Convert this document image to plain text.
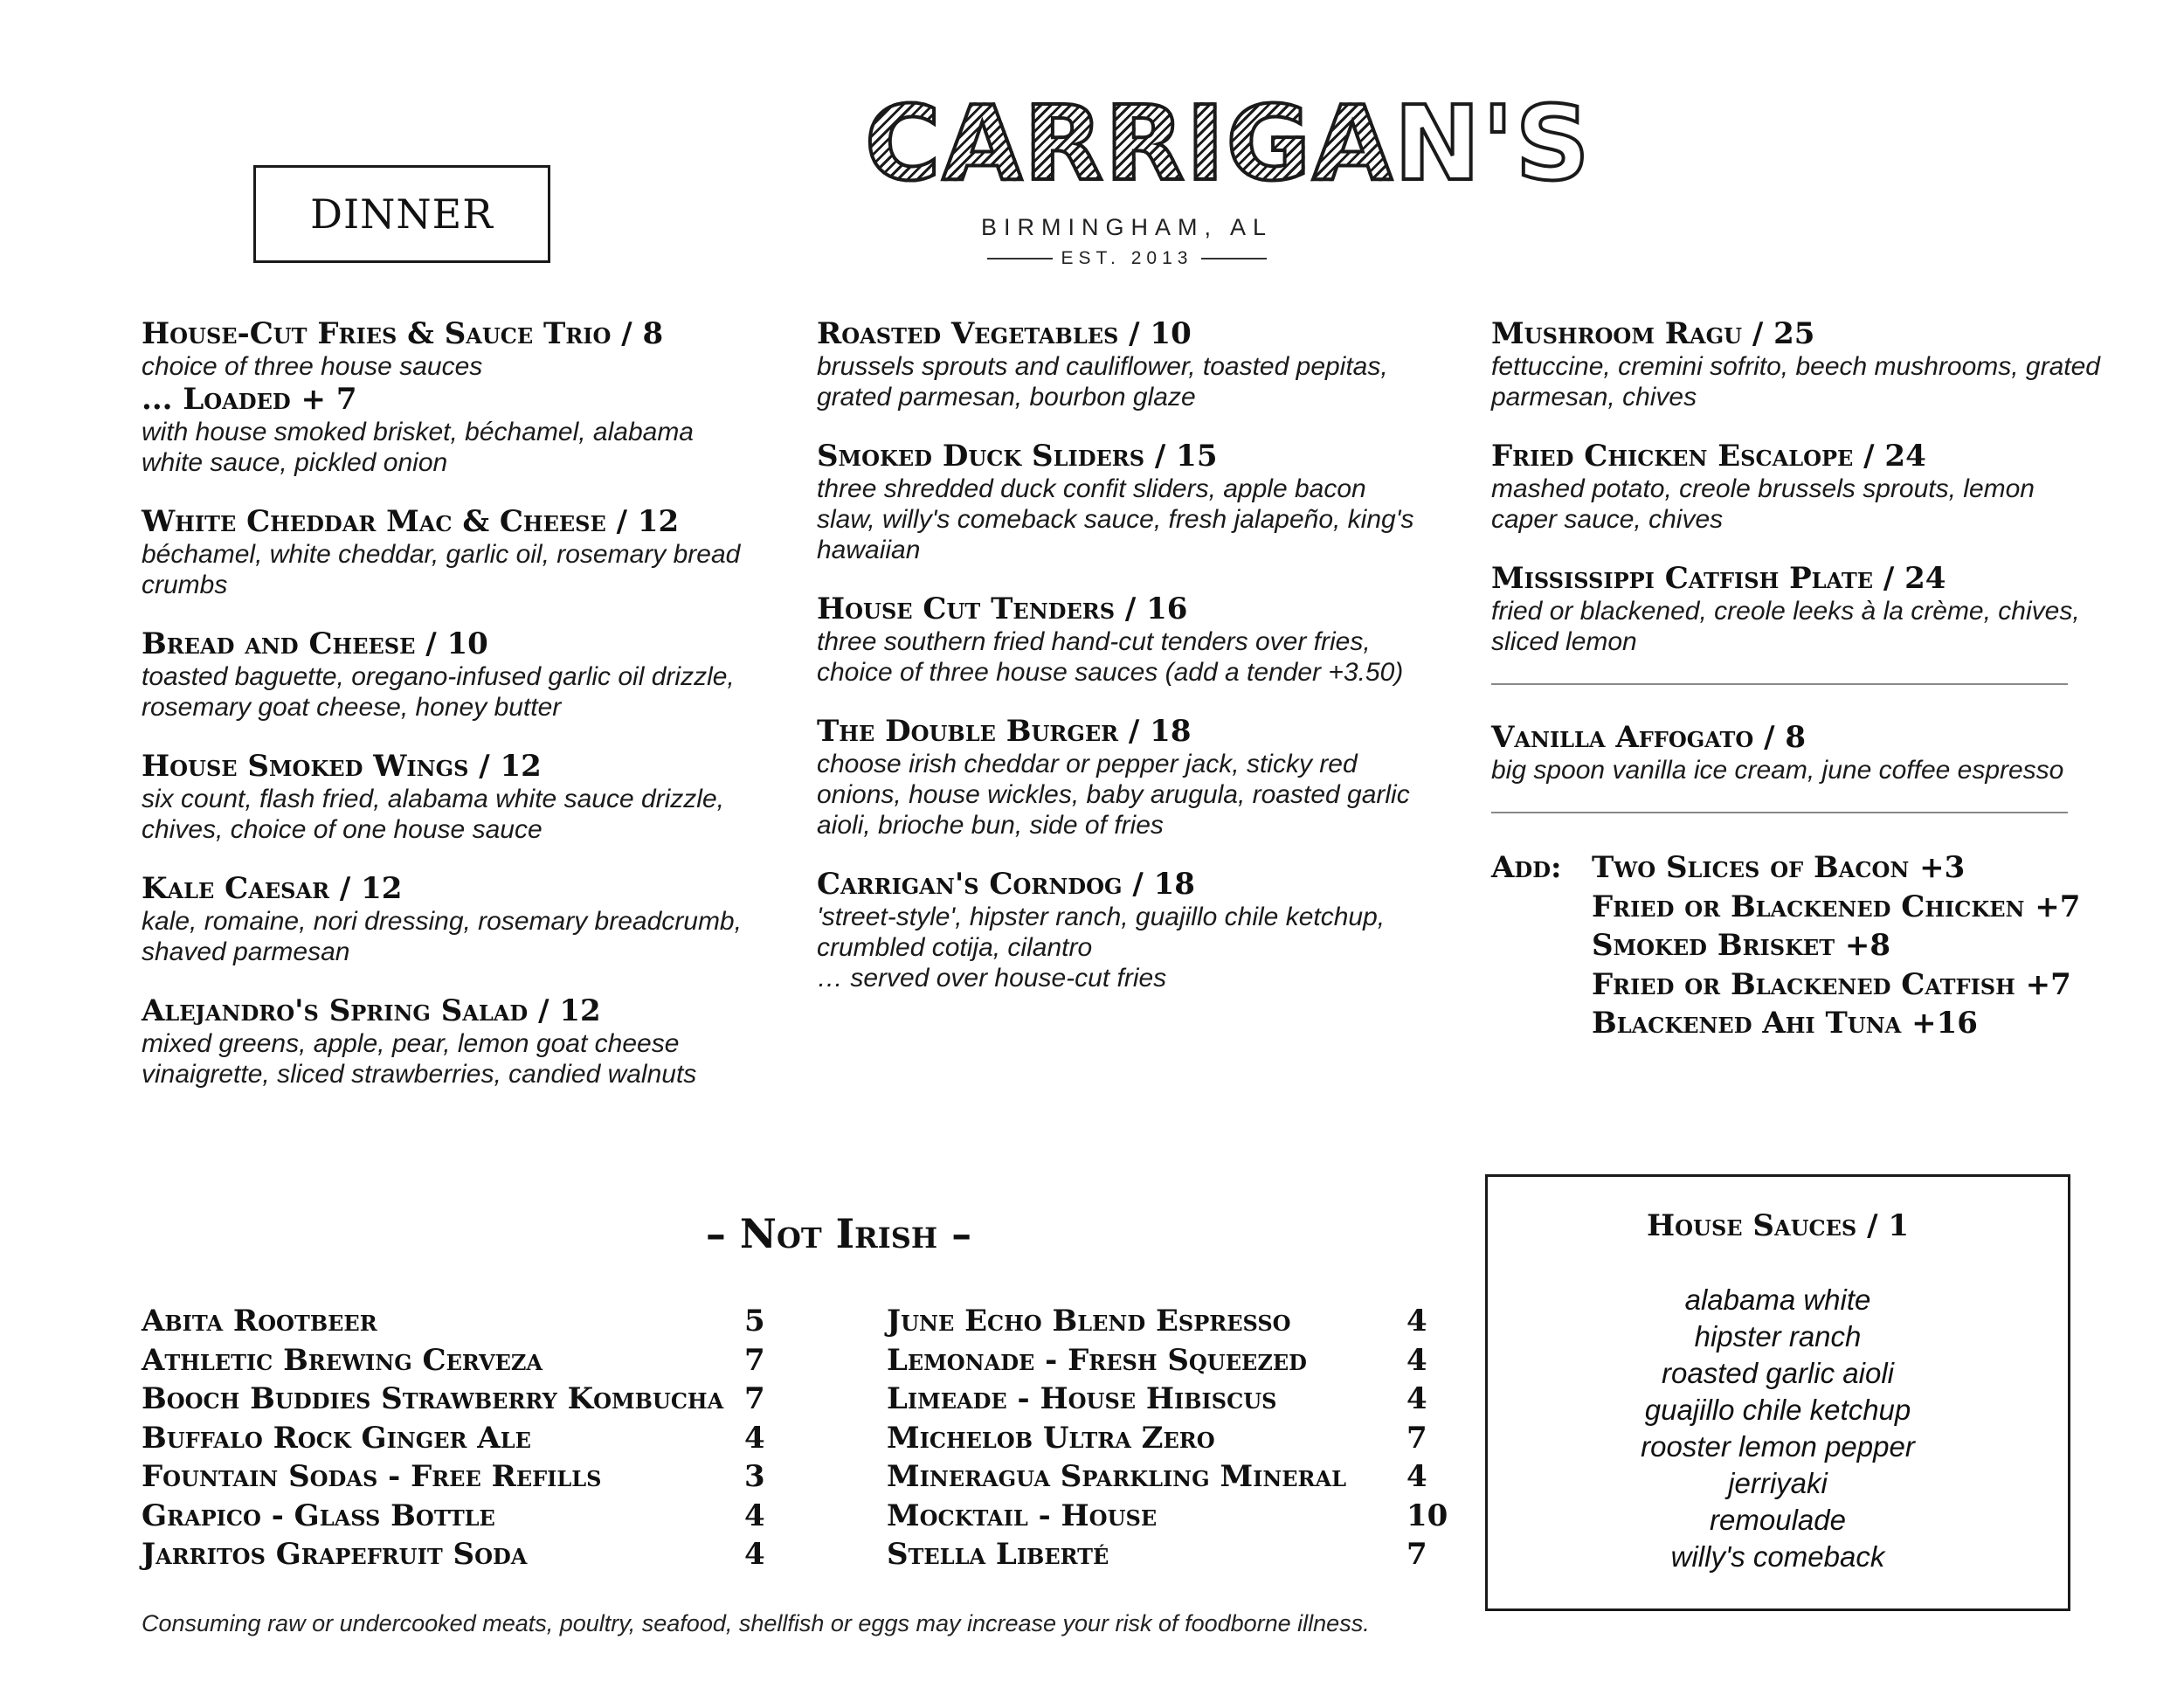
DINNER
CARRIGAN'S
BIRMINGHAM, AL
EST. 2013
House-Cut Fries & Sauce Trio / 8
choice of three house sauces
... Loaded + 7
with house smoked brisket, béchamel, alabama white sauce, pickled onion
White Cheddar Mac & Cheese / 12
béchamel, white cheddar, garlic oil, rosemary bread crumbs
Bread and Cheese / 10
toasted baguette, oregano-infused garlic oil drizzle, rosemary goat cheese, honey butter
House Smoked Wings / 12
six count, flash fried, alabama white sauce drizzle, chives, choice of one house sauce
Kale Caesar / 12
kale, romaine, nori dressing, rosemary breadcrumb, shaved parmesan
Alejandro's Spring Salad / 12
mixed greens, apple, pear, lemon goat cheese vinaigrette, sliced strawberries, candied walnuts
Roasted Vegetables / 10
brussels sprouts and cauliflower, toasted pepitas, grated parmesan, bourbon glaze
Smoked Duck Sliders / 15
three shredded duck confit sliders, apple bacon slaw, willy's comeback sauce, fresh jalapeño, king's hawaiian
House Cut Tenders / 16
three southern fried hand-cut tenders over fries, choice of three house sauces (add a tender +3.50)
The Double Burger / 18
choose irish cheddar or pepper jack, sticky red onions, house wickles, baby arugula, roasted garlic aioli, brioche bun, side of fries
Carrigan's Corndog / 18
'street-style', hipster ranch, guajillo chile ketchup, crumbled cotija, cilantro
… served over house-cut fries
Mushroom Ragu / 25
fettuccine, cremini sofrito, beech mushrooms, grated parmesan, chives
Fried Chicken Escalope / 24
mashed potato, creole brussels sprouts, lemon caper sauce, chives
Mississippi Catfish Plate / 24
fried or blackened, creole leeks à la crème, chives, sliced lemon
Vanilla Affogato / 8
big spoon vanilla ice cream, june coffee espresso
Add:	Two Slices of Bacon +3
Fried or Blackened Chicken +7
Smoked Brisket +8
Fried or Blackened Catfish +7
Blackened Ahi Tuna +16
House Sauces / 1
alabama white
hipster ranch
roasted garlic aioli
guajillo chile ketchup
rooster lemon pepper
jerriyaki
remoulade
willy's comeback
– Not Irish –
Abita Rootbeer	5
Athletic Brewing Cerveza	7
Booch Buddies Strawberry Kombucha 7
Buffalo Rock Ginger Ale	4
Fountain Sodas - Free Refills	3
Grapico - Glass Bottle	4
Jarritos Grapefruit Soda	4
June Echo Blend Espresso	4
Lemonade - Fresh Squeezed	4
Limeade - House Hibiscus	4
Michelob Ultra Zero	7
Mineragua Sparkling Mineral	4
Mocktail - House	10
Stella Liberté	7
Consuming raw or undercooked meats, poultry, seafood, shellfish or eggs may increase your risk of foodborne illness.
